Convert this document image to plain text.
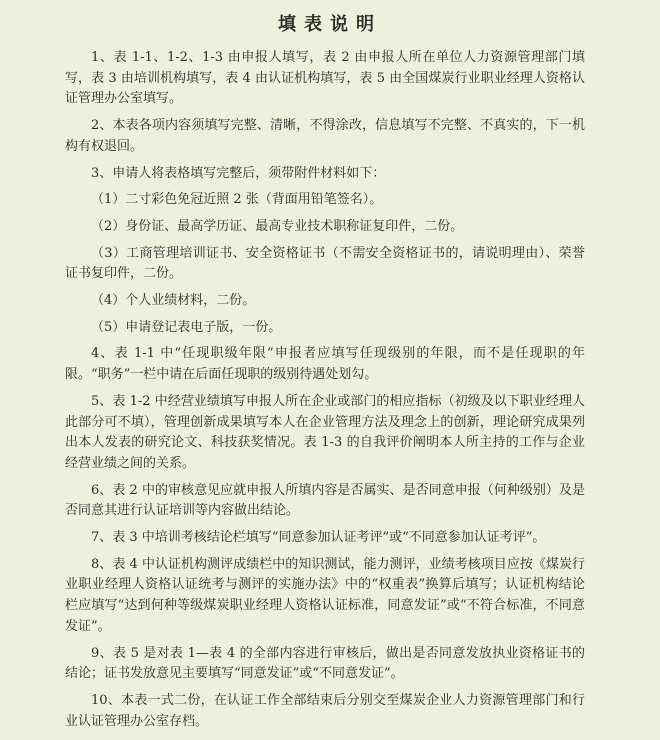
填表说明

1、表 1-1、1-2、1-3 由申报人填写，表 2 由申报人所在单位人力资源管理部门填写，表 3 由培训机构填写，表 4 由认证机构填写，表 5 由全国煤炭行业职业经理人资格认证管理办公室填写。

2、本表各项内容须填写完整、清晰，不得涂改，信息填写不完整、不真实的，下一机构有权退回。

3、申请人将表格填写完整后，须带附件材料如下：

（1）二寸彩色免冠近照 2 张（背面用铅笔签名）。

（2）身份证、最高学历证、最高专业技术职称证复印件，二份。

（3）工商管理培训证书、安全资格证书（不需安全资格证书的，请说明理由）、荣誉证书复印件，二份。

（4）个人业绩材料，二份。

（5）申请登记表电子版，一份。

4、表 1-1 中“任现职级年限”申报者应填写任现级别的年限，而不是任现职的年限。“职务”一栏中请在后面任现职的级别待遇处划勾。

5、表 1-2 中经营业绩填写申报人所在企业或部门的相应指标（初级及以下职业经理人此部分可不填），管理创新成果填写本人在企业管理方法及理念上的创新，理论研究成果列出本人发表的研究论文、科技获奖情况。表 1-3 的自我评价阐明本人所主持的工作与企业经营业绩之间的关系。

6、表 2 中的审核意见应就申报人所填内容是否属实、是否同意申报（何种级别）及是否同意其进行认证培训等内容做出结论。

7、表 3 中培训考核结论栏填写“同意参加认证考评”或“不同意参加认证考评”。

8、表 4 中认证机构测评成绩栏中的知识测试，能力测评，业绩考核项目应按《煤炭行业职业经理人资格认证统考与测评的实施办法》中的“权重表”换算后填写；认证机构结论栏应填写“达到何种等级煤炭职业经理人资格认证标准，同意发证”或“不符合标准，不同意发证”。

9、表 5 是对表 1—表 4 的全部内容进行审核后，做出是否同意发放执业资格证书的结论；证书发放意见主要填写“同意发证”或“不同意发证”。

10、本表一式二份，在认证工作全部结束后分别交至煤炭企业人力资源管理部门和行业认证管理办公室存档。
